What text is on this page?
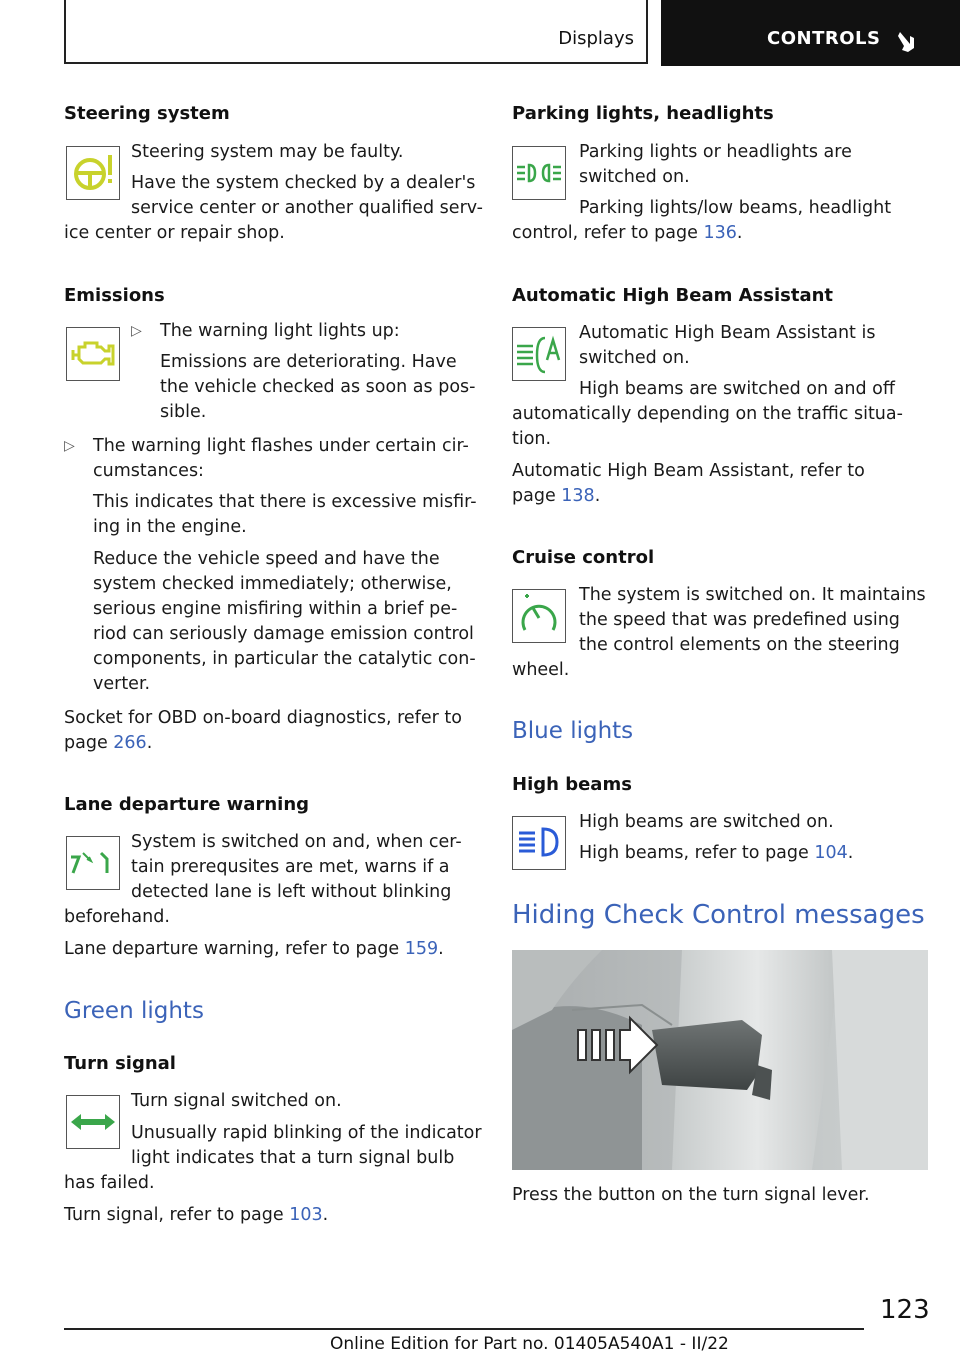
Displays	CONTROLS
Steering system
Steering system may be faulty.
Have the system checked by a dealer's
service center or another qualified serv-
ice center or repair shop.
Emissions
▷ The warning light lights up:
Emissions are deteriorating. Have
the vehicle checked as soon as pos-
sible.
▷ The warning light flashes under certain cir-
cumstances:
This indicates that there is excessive misfir-
ing in the engine.
Reduce the vehicle speed and have the
system checked immediately; otherwise,
serious engine misfiring within a brief pe-
riod can seriously damage emission control
components, in particular the catalytic con-
verter.
Socket for OBD on-board diagnostics, refer to
page 266.
Lane departure warning
System is switched on and, when cer-
tain prerequsites are met, warns if a
detected lane is left without blinking
beforehand.
Lane departure warning, refer to page 159.
Green lights
Turn signal
Turn signal switched on.
Unusually rapid blinking of the indicator
light indicates that a turn signal bulb
has failed.
Turn signal, refer to page 103.
Parking lights, headlights
Parking lights or headlights are
switched on.
Parking lights/low beams, headlight
control, refer to page 136.
Automatic High Beam Assistant
Automatic High Beam Assistant is
switched on.
High beams are switched on and off
automatically depending on the traffic situa-
tion.
Automatic High Beam Assistant, refer to
page 138.
Cruise control
The system is switched on. It maintains
the speed that was predefined using
the control elements on the steering
wheel.
Blue lights
High beams
High beams are switched on.
High beams, refer to page 104.
Hiding Check Control messages
Press the button on the turn signal lever.
123
Online Edition for Part no. 01405A540A1 - II/22
